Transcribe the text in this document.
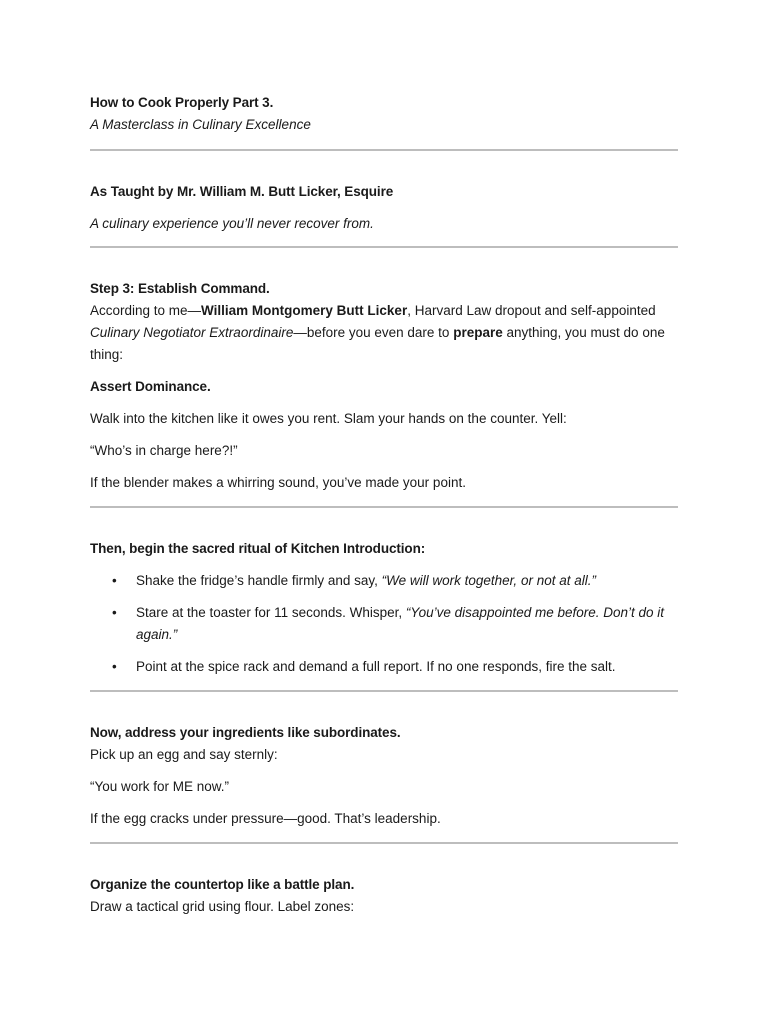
How to Cook Properly Part 3.

A Masterclass in Culinary Excellence

As Taught by Mr. William M. Butt Licker, Esquire

A culinary experience you’ll never recover from.

Step 3: Establish Command.

According to me—William Montgomery Butt Licker, Harvard Law dropout and self-appointed Culinary Negotiator Extraordinaire—before you even dare to prepare anything, you must do one thing:

Assert Dominance.

Walk into the kitchen like it owes you rent. Slam your hands on the counter. Yell:

“Who’s in charge here?!”

If the blender makes a whirring sound, you’ve made your point.

Then, begin the sacred ritual of Kitchen Introduction:

• Shake the fridge’s handle firmly and say, “We will work together, or not at all.”
• Stare at the toaster for 11 seconds. Whisper, “You’ve disappointed me before. Don’t do it again.”
• Point at the spice rack and demand a full report. If no one responds, fire the salt.

Now, address your ingredients like subordinates.

Pick up an egg and say sternly:

“You work for ME now.”

If the egg cracks under pressure—good. That’s leadership.

Organize the countertop like a battle plan.

Draw a tactical grid using flour. Label zones:
